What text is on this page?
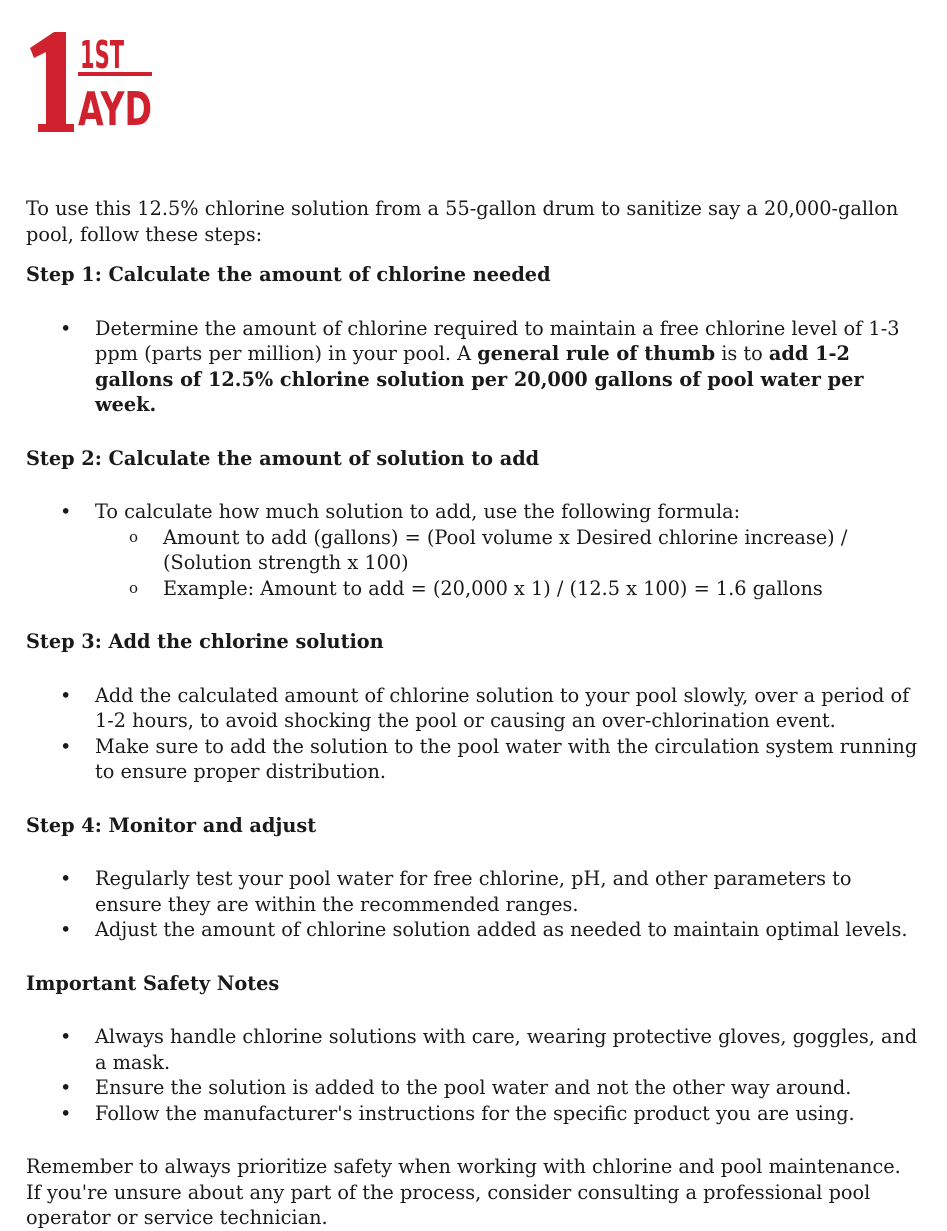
1ST
AYD

To use this 12.5% chlorine solution from a 55-gallon drum to sanitize say a 20,000-gallon pool, follow these steps:

Step 1: Calculate the amount of chlorine needed

• Determine the amount of chlorine required to maintain a free chlorine level of 1-3 ppm (parts per million) in your pool. A general rule of thumb is to add 1-2 gallons of 12.5% chlorine solution per 20,000 gallons of pool water per week.

Step 2: Calculate the amount of solution to add

• To calculate how much solution to add, use the following formula:
o Amount to add (gallons) = (Pool volume x Desired chlorine increase) / (Solution strength x 100)
o Example: Amount to add = (20,000 x 1) / (12.5 x 100) = 1.6 gallons

Step 3: Add the chlorine solution

• Add the calculated amount of chlorine solution to your pool slowly, over a period of 1-2 hours, to avoid shocking the pool or causing an over-chlorination event.
• Make sure to add the solution to the pool water with the circulation system running to ensure proper distribution.

Step 4: Monitor and adjust

• Regularly test your pool water for free chlorine, pH, and other parameters to ensure they are within the recommended ranges.
• Adjust the amount of chlorine solution added as needed to maintain optimal levels.

Important Safety Notes

• Always handle chlorine solutions with care, wearing protective gloves, goggles, and a mask.
• Ensure the solution is added to the pool water and not the other way around.
• Follow the manufacturer's instructions for the specific product you are using.

Remember to always prioritize safety when working with chlorine and pool maintenance. If you're unsure about any part of the process, consider consulting a professional pool operator or service technician.
